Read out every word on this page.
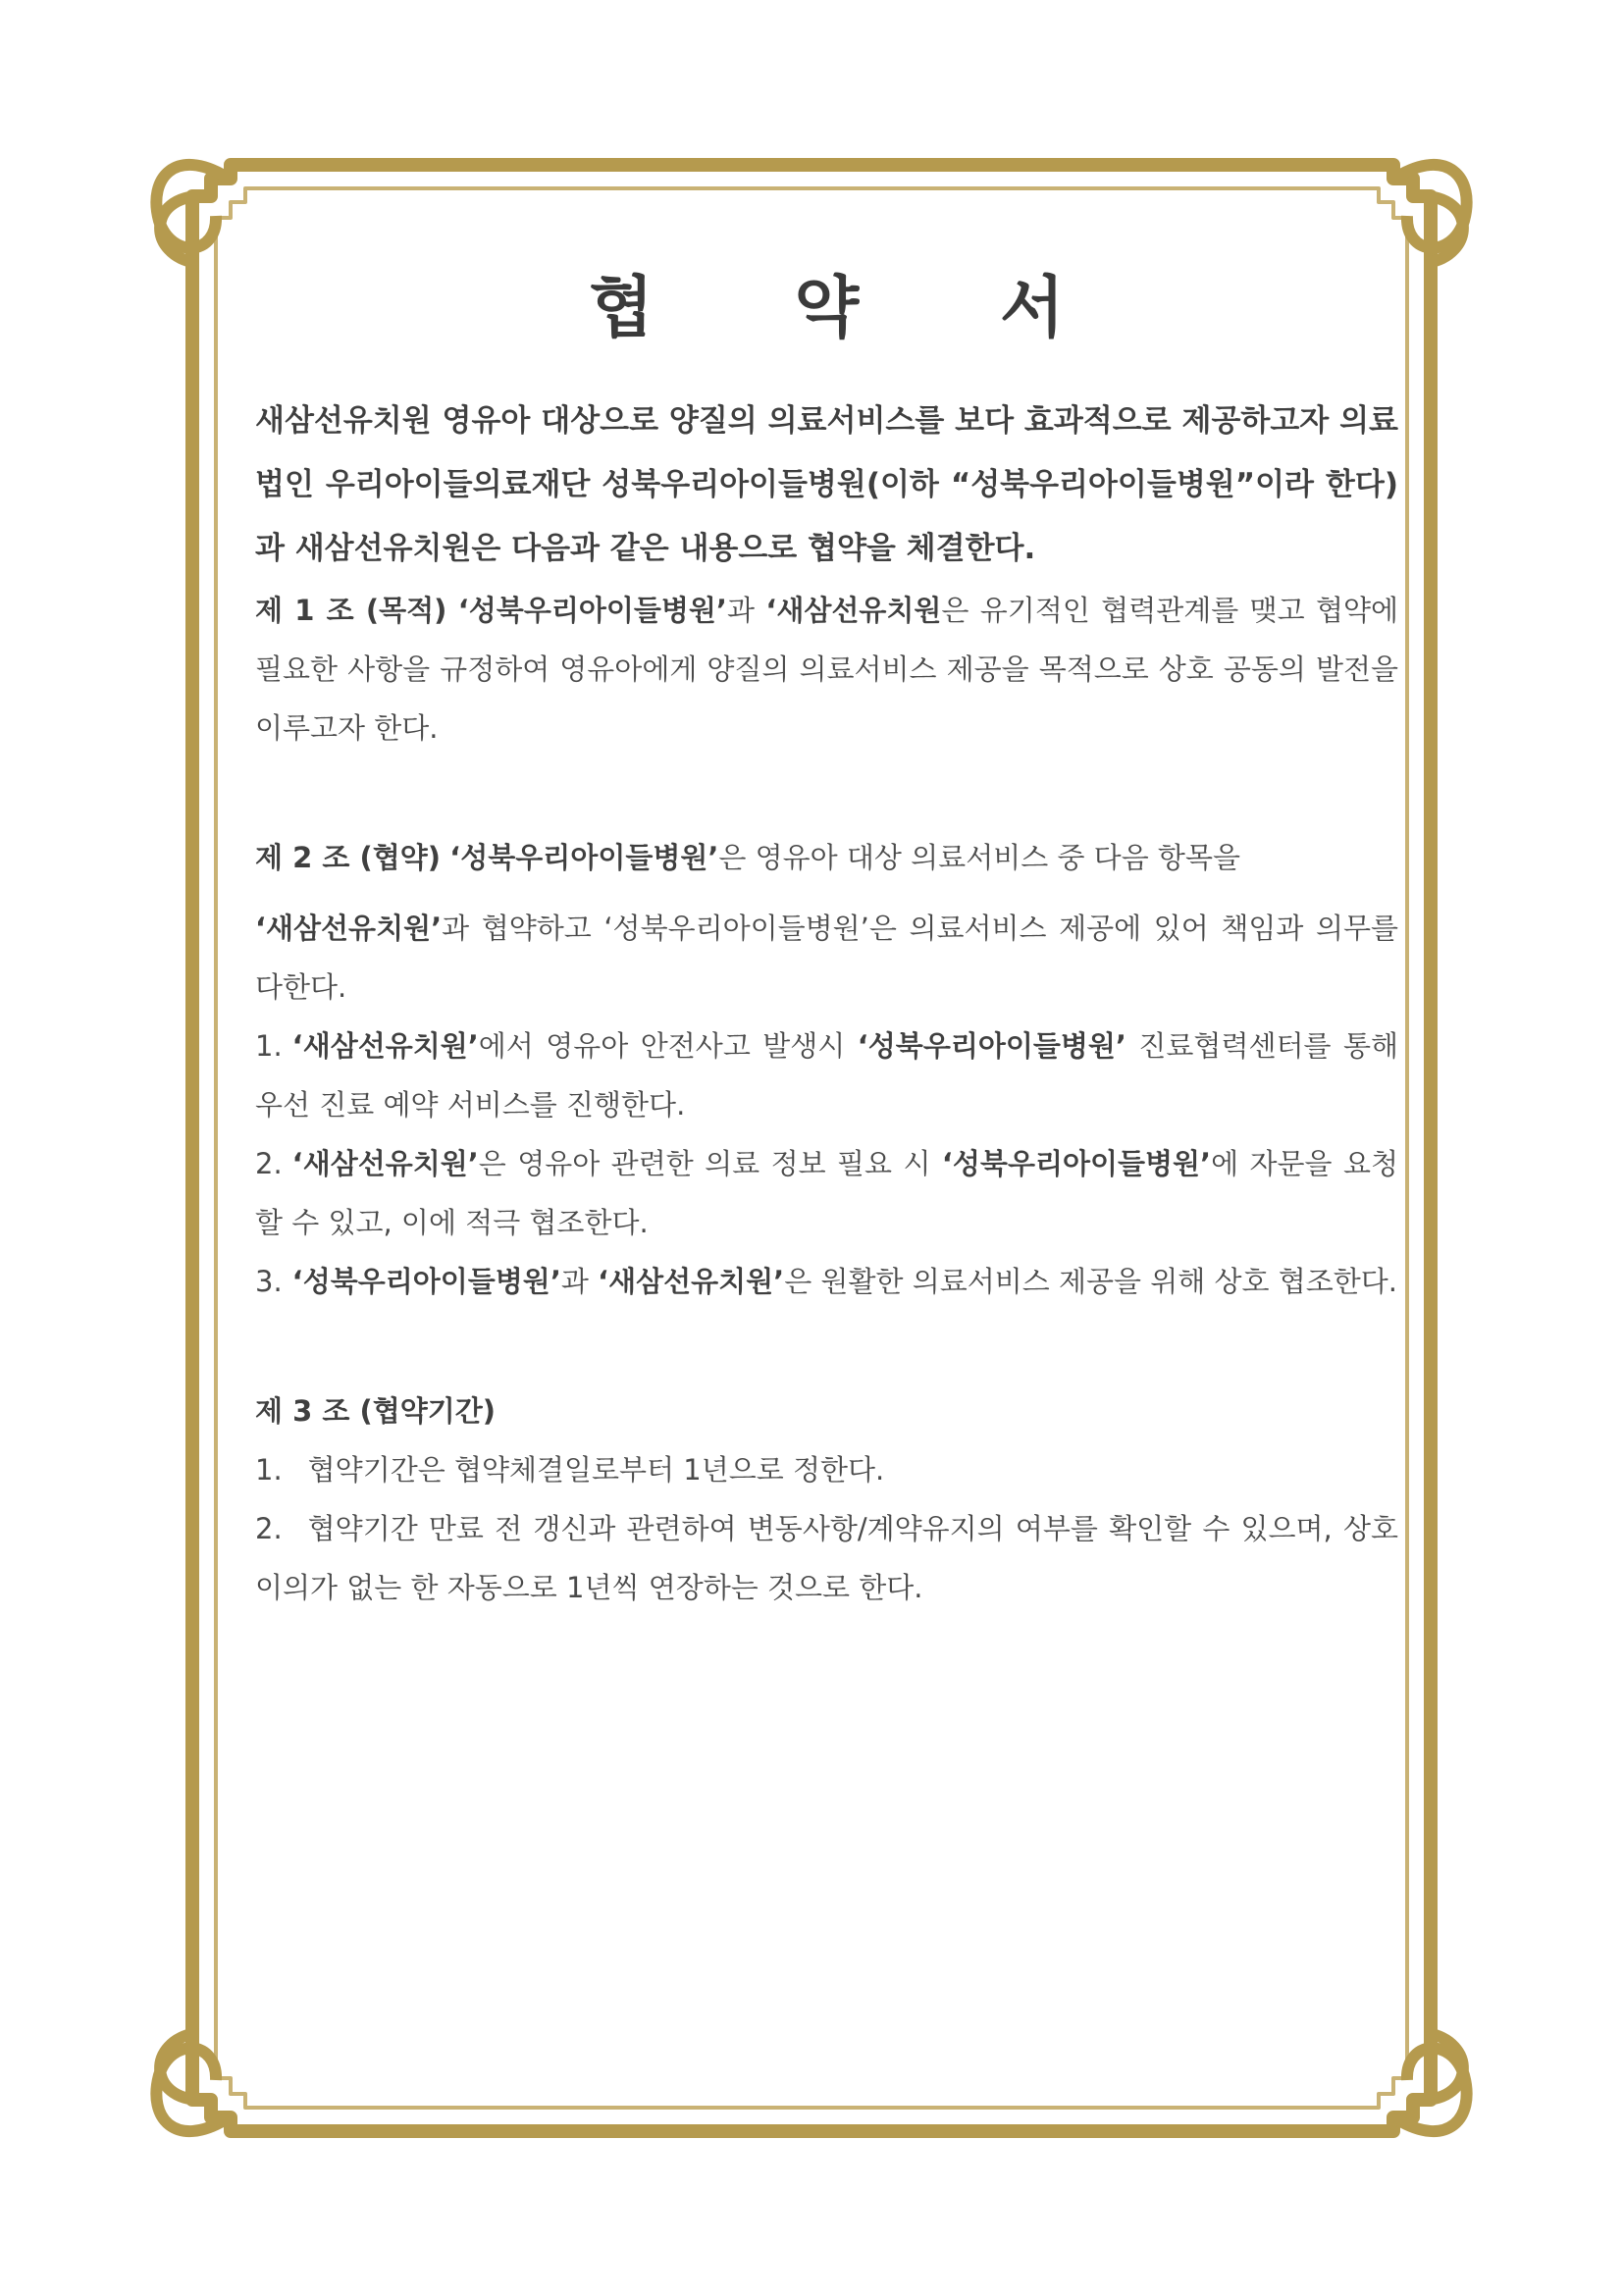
협 약 서

새삼선유치원 영유아 대상으로 양질의 의료서비스를 보다 효과적으로 제공하고자 의료법인 우리아이들의료재단 성북우리아이들병원(이하 “성북우리아이들병원”이라 한다)과 새삼선유치원은 다음과 같은 내용으로 협약을 체결한다.

제 1 조 (목적) ‘성북우리아이들병원’과 ‘새삼선유치원은 유기적인 협력관계를 맺고 협약에 필요한 사항을 규정하여 영유아에게 양질의 의료서비스 제공을 목적으로 상호 공동의 발전을 이루고자 한다.

제 2 조 (협약) ‘성북우리아이들병원’은 영유아 대상 의료서비스 중 다음 항목을

‘새삼선유치원’과 협약하고 ‘성북우리아이들병원’은 의료서비스 제공에 있어 책임과 의무를 다한다.

1. ‘새삼선유치원’에서 영유아 안전사고 발생시 ‘성북우리아이들병원’ 진료협력센터를 통해 우선 진료 예약 서비스를 진행한다.

2. ‘새삼선유치원’은 영유아 관련한 의료 정보 필요 시 ‘성북우리아이들병원’에 자문을 요청할 수 있고, 이에 적극 협조한다.

3. ‘성북우리아이들병원’과 ‘새삼선유치원’은 원활한 의료서비스 제공을 위해 상호 협조한다.

제 3 조 (협약기간)

1. 협약기간은 협약체결일로부터 1년으로 정한다.

2. 협약기간 만료 전 갱신과 관련하여 변동사항/계약유지의 여부를 확인할 수 있으며, 상호 이의가 없는 한 자동으로 1년씩 연장하는 것으로 한다.
